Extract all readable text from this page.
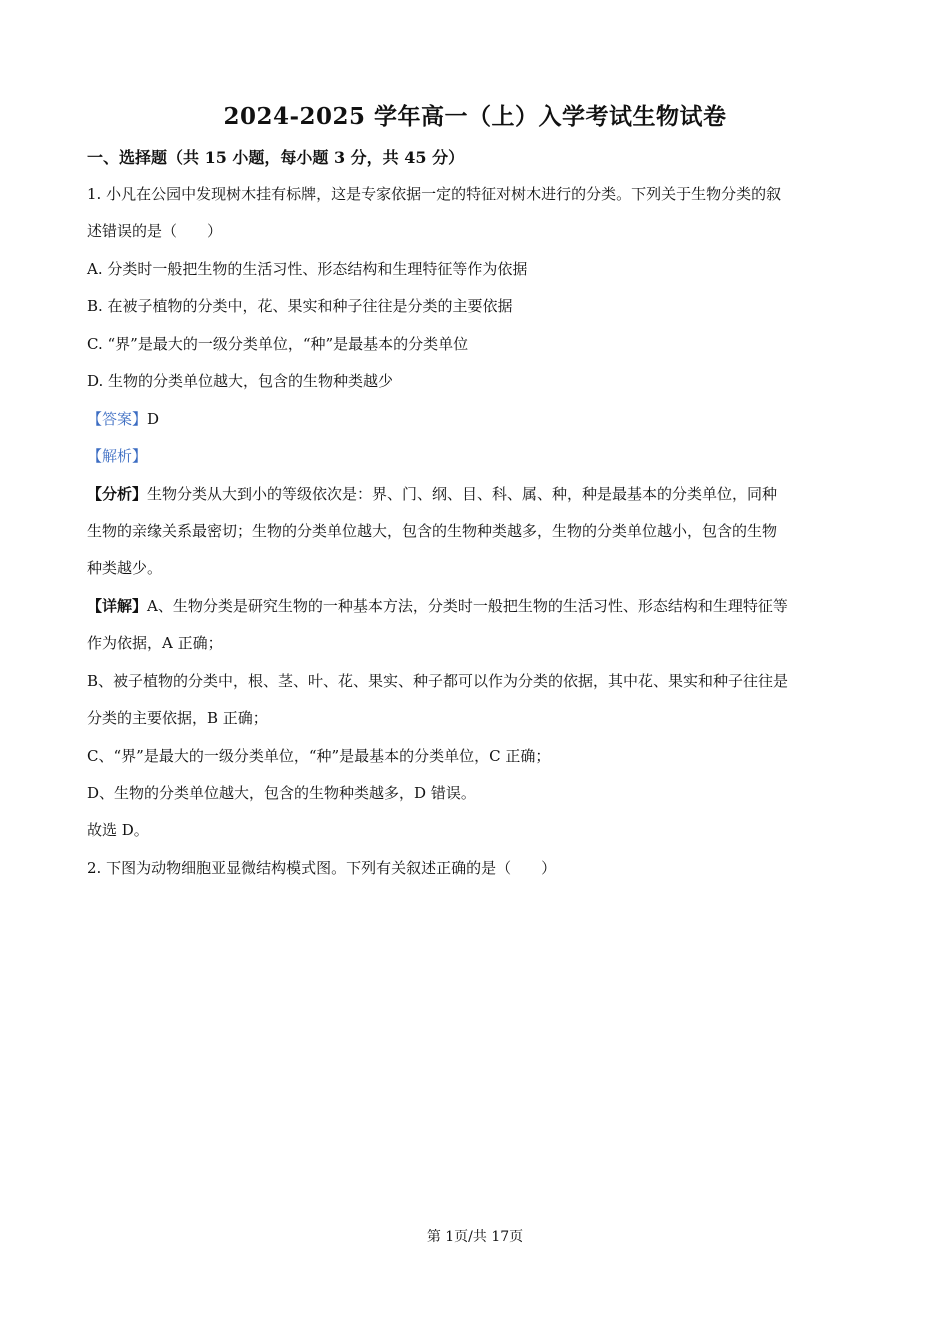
2024-2025 学年高一（上）入学考试生物试卷
一、选择题（共 15 小题，每小题 3 分，共 45 分）
1. 小凡在公园中发现树木挂有标牌，这是专家依据一定的特征对树木进行的分类。下列关于生物分类的叙
述错误的是（　　）
A. 分类时一般把生物的生活习性、形态结构和生理特征等作为依据
B. 在被子植物的分类中，花、果实和种子往往是分类的主要依据
C. “界”是最大的一级分类单位，“种”是最基本的分类单位
D. 生物的分类单位越大，包含的生物种类越少
【答案】D
【解析】
【分析】生物分类从大到小的等级依次是：界、门、纲、目、科、属、种，种是最基本的分类单位，同种
生物的亲缘关系最密切；生物的分类单位越大，包含的生物种类越多，生物的分类单位越小，包含的生物
种类越少。
【详解】A、生物分类是研究生物的一种基本方法，分类时一般把生物的生活习性、形态结构和生理特征等
作为依据，A 正确；
B、被子植物的分类中，根、茎、叶、花、果实、种子都可以作为分类的依据，其中花、果实和种子往往是
分类的主要依据，B 正确；
C、“界”是最大的一级分类单位，“种”是最基本的分类单位，C 正确；
D、生物的分类单位越大，包含的生物种类越多，D 错误。
故选 D。
2. 下图为动物细胞亚显微结构模式图。下列有关叙述正确的是（　　）
第 1页/共 17页
